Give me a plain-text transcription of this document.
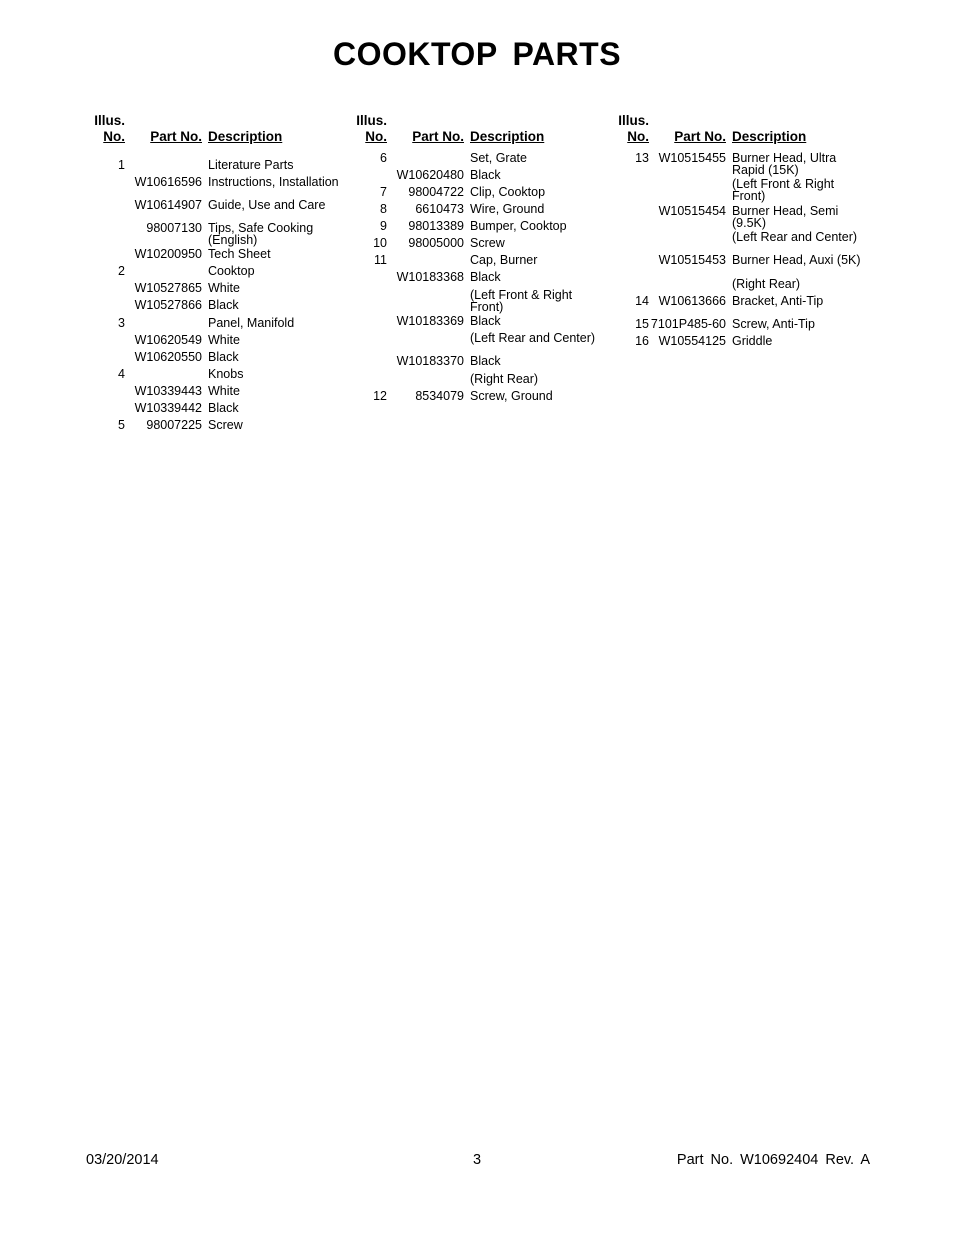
COOKTOP PARTS
Illus.
No. Part No. Description
1	Literature Parts
W10616596 Instructions, Installation
W10614907 Guide, Use and Care
98007130 Tips, Safe Cooking
(English)
W10200950 Tech Sheet
2	Cooktop
W10527865 White
W10527866 Black
3	Panel, Manifold
W10620549 White
W10620550 Black
4	Knobs
W10339443 White
W10339442 Black
5 98007225 Screw
Illus.
No. Part No. Description
6	Set, Grate
W10620480 Black
7 98004722 Clip, Cooktop
8 6610473 Wire, Ground
9 98013389 Bumper, Cooktop
10 98005000 Screw
11	Cap, Burner
W10183368 Black
(Left Front & Right
Front)
W10183369 Black
(Left Rear and Center)
W10183370 Black
(Right Rear)
12 8534079 Screw, Ground
Illus.
No. Part No. Description
13 W10515455 Burner Head, Ultra
Rapid (15K)
(Left Front & Right
Front)
W10515454 Burner Head, Semi
(9.5K)
(Left Rear and Center)
W10515453 Burner Head, Auxi (5K)
(Right Rear)
14 W10613666 Bracket, Anti-Tip
15 7101P485-60 Screw, Anti-Tip
16 W10554125 Griddle
03/20/2014	3	Part No. W10692404 Rev. A
